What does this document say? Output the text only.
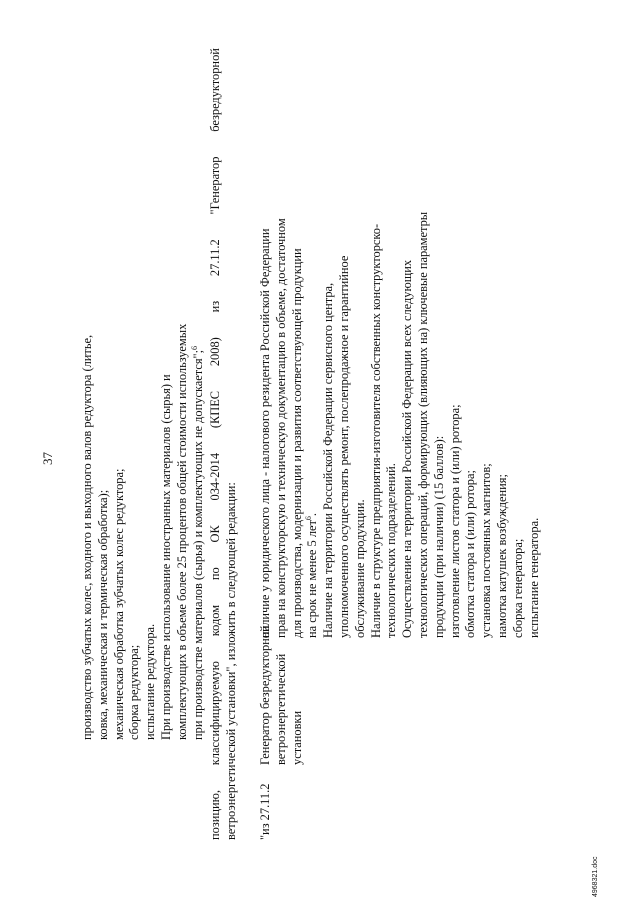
37 производство зубчатых колес, входного и выходного валов редуктора (литье, ковка, механическая и термическая обработка); механическая обработка зубчатых колес редуктора; сборка редуктора; испытание редуктора. При производстве использование иностранных материалов (сырья) и комплектующих в объеме более 25 процентов общей стоимости используемых при производстве материалов (сырья) и комплектующих не допускается";$^6$
позицию,
классифицируемую
кодом
по
ОК
034-2014
(КПЕС
2008)
из
27.11.2
"Генератор
безредукторной
ветроэнергетической установки", изложить в следующей редакции: "из 27.11.2
Генератор безредукторной ветроэнергетической установки
наличие у юридического лица - налогового резидента Российской Федерации прав на конструкторскую и техническую документацию в объеме, достаточном для производства, модернизации и развития соответствующей продукции на срок не менее 5 лет$^6$. Наличие на территории Российской Федерации сервисного центра, уполномоченного осуществлять ремонт, послепродажное и гарантийное обслуживание продукции. Наличие в структуре предприятия-изготовителя собственных конструкторско- технологических подразделений. Осуществление на территории Российской Федерации всех следующих технологических операций, формирующих (влияющих на) ключевые параметры продукции (при наличии) (15 баллов): изготовление листов статора и (или) ротора; обмотка статора и (или) ротора; установка постоянных магнитов; намотка катушек возбуждения; сборка генератора; испытание генератора.
4968321.doc
